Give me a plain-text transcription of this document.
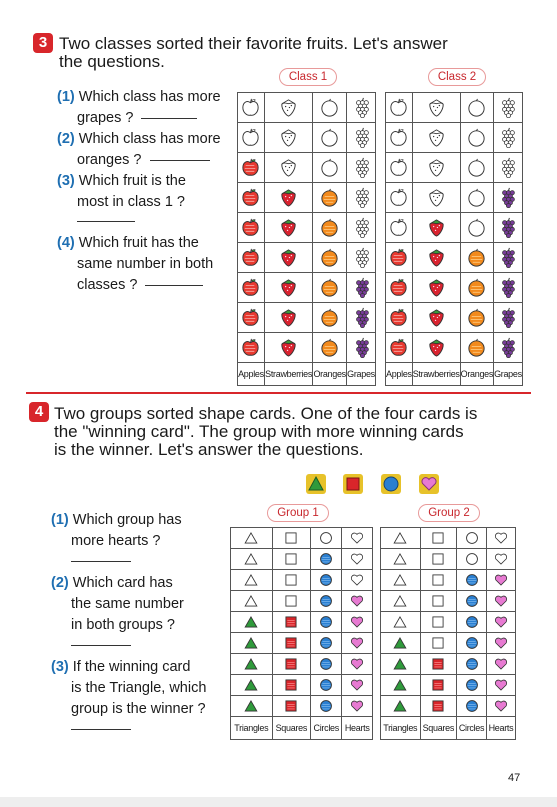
3 Two classes sorted their favorite fruits. Let's answer
the questions.
(1) Which class has more
grapes ?
(2) Which class has more
oranges ?
(3) Which fruit is the
most in class 1 ?
(4) Which fruit has the
same number in both
classes ?
Class 1	Class 2

Apples	Strawberries	Oranges	Grapes

	Apples	Strawberries	Oranges	Grapes
4 Two groups sorted shape cards. One of the four cards is
the "winning card". The group with more winning cards
is the winner. Let's answer the questions.
(1) Which group has
more hearts ?
(2) Which card has
the same number
in both groups ?
(3) If the winning card
is the Triangle, which
group is the winner ?
Group 1	Group 2

Triangles	Squares	Circles	Hearts

	Triangles	Squares	Circles	Hearts
47
